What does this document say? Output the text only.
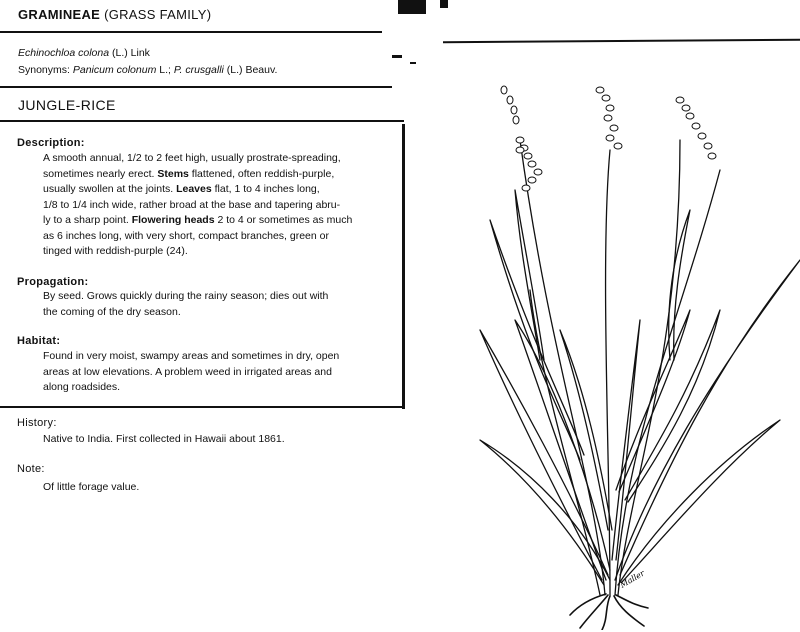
GRAMINEAE (GRASS FAMILY)
Echinochloa colona (L.) Link
Synonyms: Panicum colonum L.; P. crusgalli (L.) Beauv.
JUNGLE-RICE
Description:
A smooth annual, 1/2 to 2 feet high, usually prostrate-spreading,
sometimes nearly erect. Stems flattened, often reddish-purple,
usually swollen at the joints. Leaves flat, 1 to 4 inches long,
1/8 to 1/4 inch wide, rather broad at the base and tapering abru-
ly to a sharp point. Flowering heads 2 to 4 or sometimes as much
as 6 inches long, with very short, compact branches, green or
tinged with reddish-purple (24).
Propagation:
By seed. Grows quickly during the rainy season; dies out with
the coming of the dry season.
Habitat:
Found in very moist, swampy areas and sometimes in dry, open
areas at low elevations. A problem weed in irrigated areas and
along roadsides.
History:
Native to India. First collected in Hawaii about 1861.
Note:
Of little forage value.
Maller
